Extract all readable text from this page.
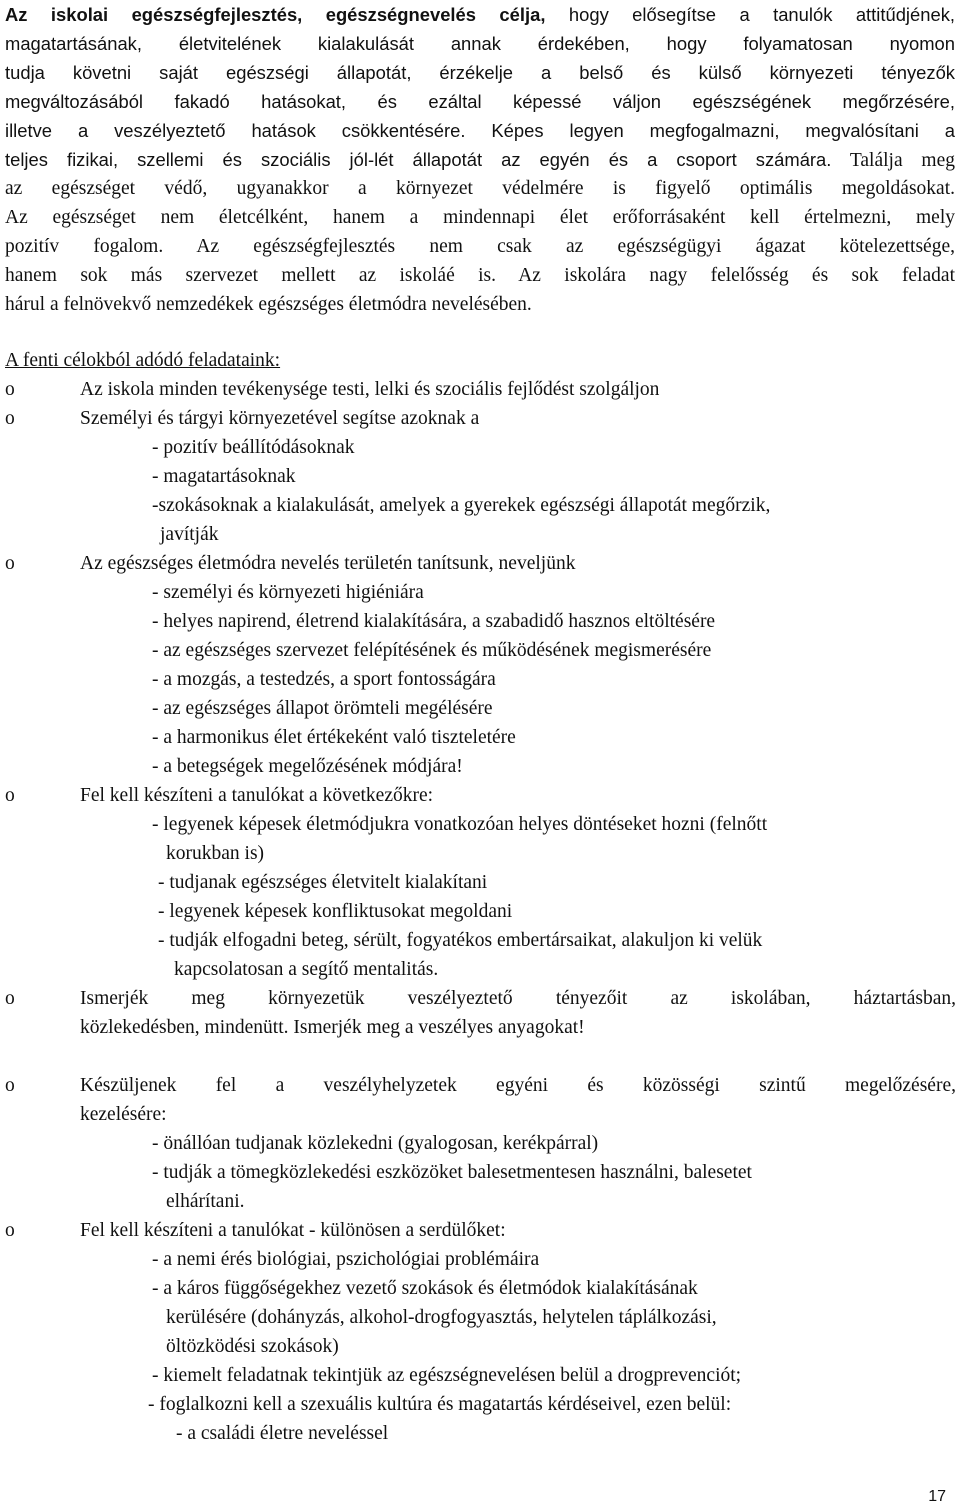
Az iskolai egészségfejlesztés, egészségnevelés célja, hogy elősegítse a tanulók attitűdjének,
magatartásának, életvitelének kialakulását annak érdekében, hogy folyamatosan nyomon
tudja követni saját egészségi állapotát, érzékelje a belső és külső környezeti tényezők
megváltozásából fakadó hatásokat, és ezáltal képessé váljon egészségének megőrzésére,
illetve a veszélyeztető hatások csökkentésére. Képes legyen megfogalmazni, megvalósítani a
teljes fizikai, szellemi és szociális jól-lét állapotát az egyén és a csoport számára. Találja meg
az egészséget védő, ugyanakkor a környezet védelmére is figyelő optimális megoldásokat.
Az egészséget nem életcélként, hanem a mindennapi élet erőforrásaként kell értelmezni, mely
pozitív fogalom. Az egészségfejlesztés nem csak az egészségügyi ágazat kötelezettsége,
hanem sok más szervezet mellett az iskoláé is. Az iskolára nagy felelősség és sok feladat
hárul a felnövekvő nemzedékek egészséges életmódra nevelésében.
A fenti célokból adódó feladataink:
o	Az iskola minden tevékenysége testi, lelki és szociális fejlődést szolgáljon
o	Személyi és tárgyi környezetével segítse azoknak a
- pozitív beállítódásoknak
- magatartásoknak
-szokásoknak a kialakulását, amelyek a gyerekek egészségi állapotát megőrzik,
javítják
o	Az egészséges életmódra nevelés területén tanítsunk, neveljünk
- személyi és környezeti higiéniára
- helyes napirend, életrend kialakítására, a szabadidő hasznos eltöltésére
- az egészséges szervezet felépítésének és működésének megismerésére
- a mozgás, a testedzés, a sport fontosságára
- az egészséges állapot örömteli megélésére
- a harmonikus élet értékeként való tiszteletére
- a betegségek megelőzésének módjára!
o	Fel kell készíteni a tanulókat a következőkre:
- legyenek képesek életmódjukra vonatkozóan helyes döntéseket hozni (felnőtt
korukban is)
- tudjanak egészséges életvitelt kialakítani
- legyenek képesek konfliktusokat megoldani
- tudják elfogadni beteg, sérült, fogyatékos embertársaikat, alakuljon ki velük
kapcsolatosan a segítő mentalitás.
o	Ismerjék meg környezetük veszélyeztető tényezőit az iskolában, háztartásban,
közlekedésben, mindenütt. Ismerjék meg a veszélyes anyagokat!
o	Készüljenek fel a veszélyhelyzetek egyéni és közösségi szintű megelőzésére,
kezelésére:
- önállóan tudjanak közlekedni (gyalogosan, kerékpárral)
- tudják a tömegközlekedési eszközöket balesetmentesen használni, balesetet
elhárítani.
o	Fel kell készíteni a tanulókat - különösen a serdülőket:
- a nemi érés biológiai, pszichológiai problémáira
- a káros függőségekhez vezető szokások és életmódok kialakításának
kerülésére (dohányzás, alkohol-drogfogyasztás, helytelen táplálkozási,
öltözködési szokások)
- kiemelt feladatnak tekintjük az egészségnevelésen belül a drogprevenciót;
- foglalkozni kell a szexuális kultúra és magatartás kérdéseivel, ezen belül:
- a családi életre neveléssel
17
